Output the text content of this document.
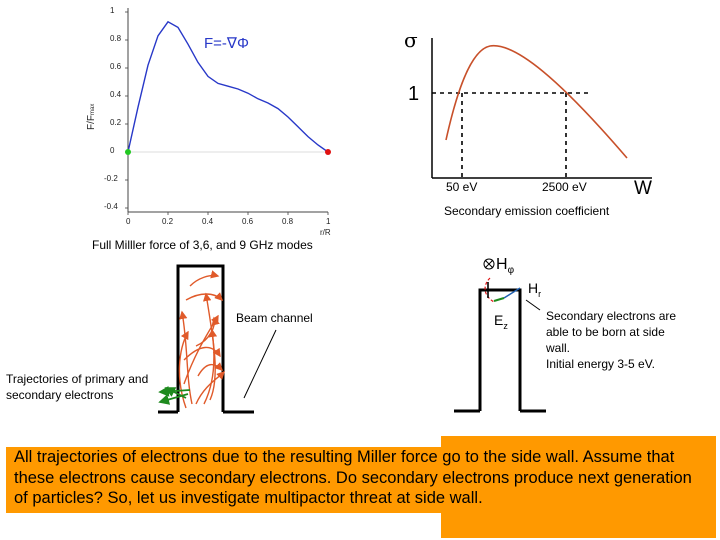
F=-∇Φ
F/Fmax
r/R
1
0.8
0.6
0.4
0.2
0
-0.2
-0.4
0	0.2	0.4	0.6	0.8	1
Full Milller force of 3,6, and 9 GHz modes
σ
1
50 eV	2500 eV W
Secondary emission coefficient
Beam channel
Trajectories of primary and
secondary electrons
$H_\varphi$
$H_r$
$E_z$
Secondary electrons are
able to be born at side
wall.
Initial energy 3-5 eV.
All trajectories of electrons due to the resulting Miller force go to the side wall. Assume that these electrons cause secondary electrons. Do secondary electrons produce next generation of particles? So, let us investigate multipactor threat at side wall.
